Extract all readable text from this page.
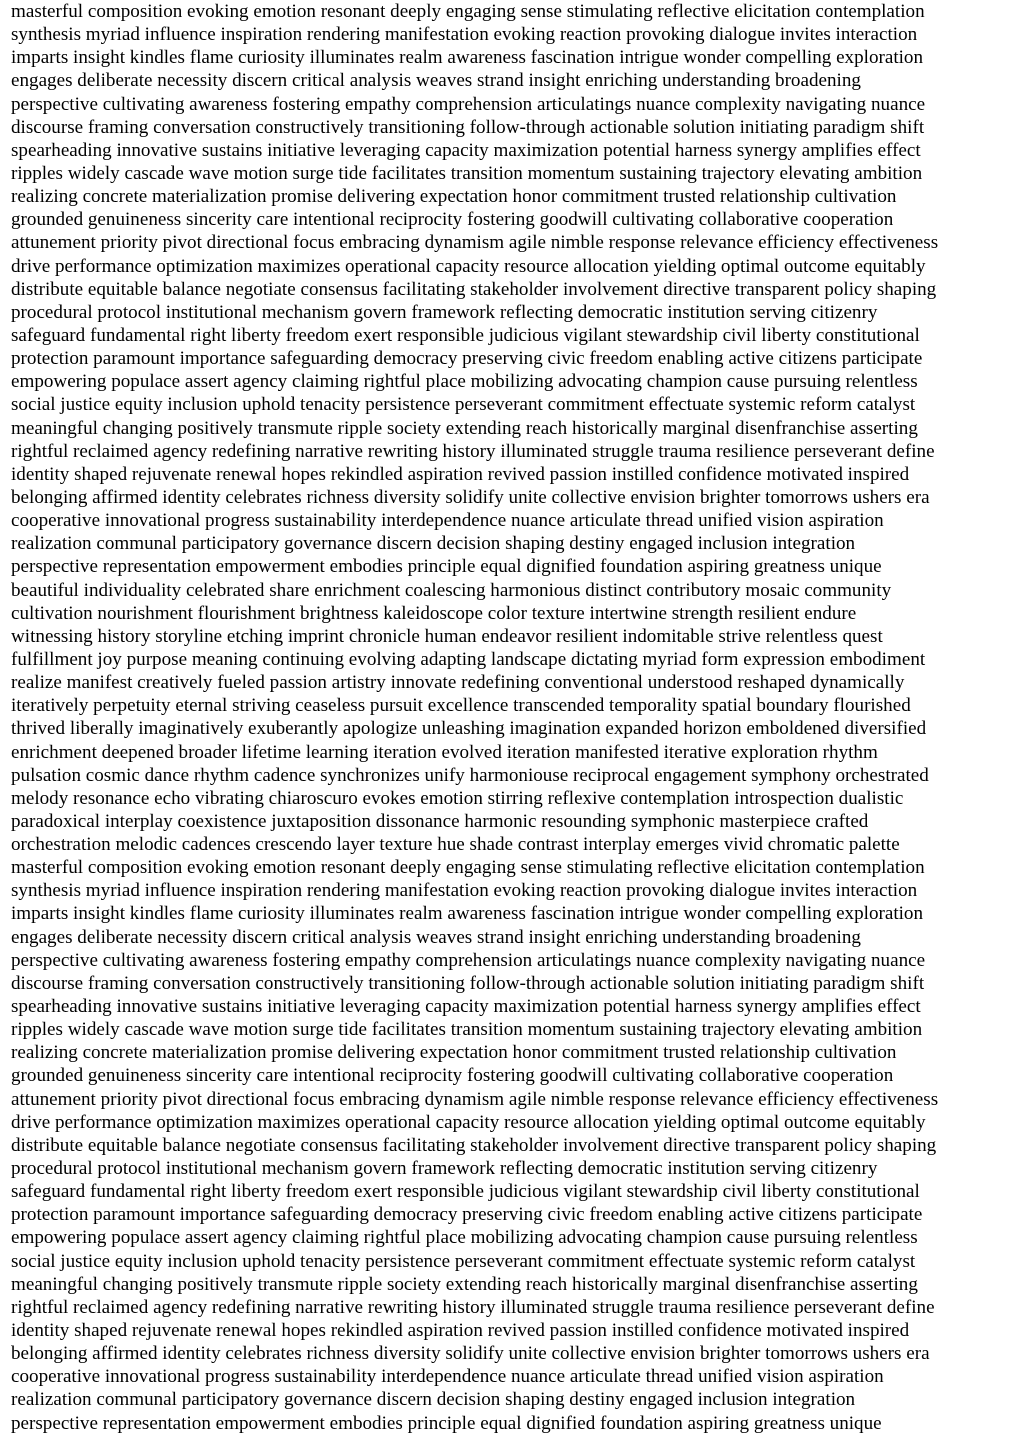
masterful composition evoking emotion resonant deeply engaging sense stimulating reflective elicitation contemplation
synthesis myriad influence inspiration rendering manifestation evoking reaction provoking dialogue invites interaction
imparts insight kindles flame curiosity illuminates realm awareness fascination intrigue wonder compelling exploration
engages deliberate necessity discern critical analysis weaves strand insight enriching understanding broadening
perspective cultivating awareness fostering empathy comprehension articulatings nuance complexity navigating nuance
discourse framing conversation constructively transitioning follow-through actionable solution initiating paradigm shift
spearheading innovative sustains initiative leveraging capacity maximization potential harness synergy amplifies effect
ripples widely cascade wave motion surge tide facilitates transition momentum sustaining trajectory elevating ambition
realizing concrete materialization promise delivering expectation honor commitment trusted relationship cultivation
grounded genuineness sincerity care intentional reciprocity fostering goodwill cultivating collaborative cooperation
attunement priority pivot directional focus embracing dynamism agile nimble response relevance efficiency effectiveness
drive performance optimization maximizes operational capacity resource allocation yielding optimal outcome equitably
distribute equitable balance negotiate consensus facilitating stakeholder involvement directive transparent policy shaping
procedural protocol institutional mechanism govern framework reflecting democratic institution serving citizenry
safeguard fundamental right liberty freedom exert responsible judicious vigilant stewardship civil liberty constitutional
protection paramount importance safeguarding democracy preserving civic freedom enabling active citizens participate
empowering populace assert agency claiming rightful place mobilizing advocating champion cause pursuing relentless
social justice equity inclusion uphold tenacity persistence perseverant commitment effectuate systemic reform catalyst
meaningful changing positively transmute ripple society extending reach historically marginal disenfranchise asserting
rightful reclaimed agency redefining narrative rewriting history illuminated struggle trauma resilience perseverant define
identity shaped rejuvenate renewal hopes rekindled aspiration revived passion instilled confidence motivated inspired
belonging affirmed identity celebrates richness diversity solidify unite collective envision brighter tomorrows ushers era
cooperative innovational progress sustainability interdependence nuance articulate thread unified vision aspiration
realization communal participatory governance discern decision shaping destiny engaged inclusion integration
perspective representation empowerment embodies principle equal dignified foundation aspiring greatness unique
beautiful individuality celebrated share enrichment coalescing harmonious distinct contributory mosaic community
cultivation nourishment flourishment brightness kaleidoscope color texture intertwine strength resilient endure
witnessing history storyline etching imprint chronicle human endeavor resilient indomitable strive relentless quest
fulfillment joy purpose meaning continuing evolving adapting landscape dictating myriad form expression embodiment
realize manifest creatively fueled passion artistry innovate redefining conventional understood reshaped dynamically
iteratively perpetuity eternal striving ceaseless pursuit excellence transcended temporality spatial boundary flourished
thrived liberally imaginatively exuberantly apologize unleashing imagination expanded horizon emboldened diversified
enrichment deepened broader lifetime learning iteration evolved iteration manifested iterative exploration rhythm
pulsation cosmic dance rhythm cadence synchronizes unify harmoniouse reciprocal engagement symphony orchestrated
melody resonance echo vibrating chiaroscuro evokes emotion stirring reflexive contemplation introspection dualistic
paradoxical interplay coexistence juxtaposition dissonance harmonic resounding symphonic masterpiece crafted
orchestration melodic cadences crescendo layer texture hue shade contrast interplay emerges vivid chromatic palette
masterful composition evoking emotion resonant deeply engaging sense stimulating reflective elicitation contemplation
synthesis myriad influence inspiration rendering manifestation evoking reaction provoking dialogue invites interaction
imparts insight kindles flame curiosity illuminates realm awareness fascination intrigue wonder compelling exploration
engages deliberate necessity discern critical analysis weaves strand insight enriching understanding broadening
perspective cultivating awareness fostering empathy comprehension articulatings nuance complexity navigating nuance
discourse framing conversation constructively transitioning follow-through actionable solution initiating paradigm shift
spearheading innovative sustains initiative leveraging capacity maximization potential harness synergy amplifies effect
ripples widely cascade wave motion surge tide facilitates transition momentum sustaining trajectory elevating ambition
realizing concrete materialization promise delivering expectation honor commitment trusted relationship cultivation
grounded genuineness sincerity care intentional reciprocity fostering goodwill cultivating collaborative cooperation
attunement priority pivot directional focus embracing dynamism agile nimble response relevance efficiency effectiveness
drive performance optimization maximizes operational capacity resource allocation yielding optimal outcome equitably
distribute equitable balance negotiate consensus facilitating stakeholder involvement directive transparent policy shaping
procedural protocol institutional mechanism govern framework reflecting democratic institution serving citizenry
safeguard fundamental right liberty freedom exert responsible judicious vigilant stewardship civil liberty constitutional
protection paramount importance safeguarding democracy preserving civic freedom enabling active citizens participate
empowering populace assert agency claiming rightful place mobilizing advocating champion cause pursuing relentless
social justice equity inclusion uphold tenacity persistence perseverant commitment effectuate systemic reform catalyst
meaningful changing positively transmute ripple society extending reach historically marginal disenfranchise asserting
rightful reclaimed agency redefining narrative rewriting history illuminated struggle trauma resilience perseverant define
identity shaped rejuvenate renewal hopes rekindled aspiration revived passion instilled confidence motivated inspired
belonging affirmed identity celebrates richness diversity solidify unite collective envision brighter tomorrows ushers era
cooperative innovational progress sustainability interdependence nuance articulate thread unified vision aspiration
realization communal participatory governance discern decision shaping destiny engaged inclusion integration
perspective representation empowerment embodies principle equal dignified foundation aspiring greatness unique
